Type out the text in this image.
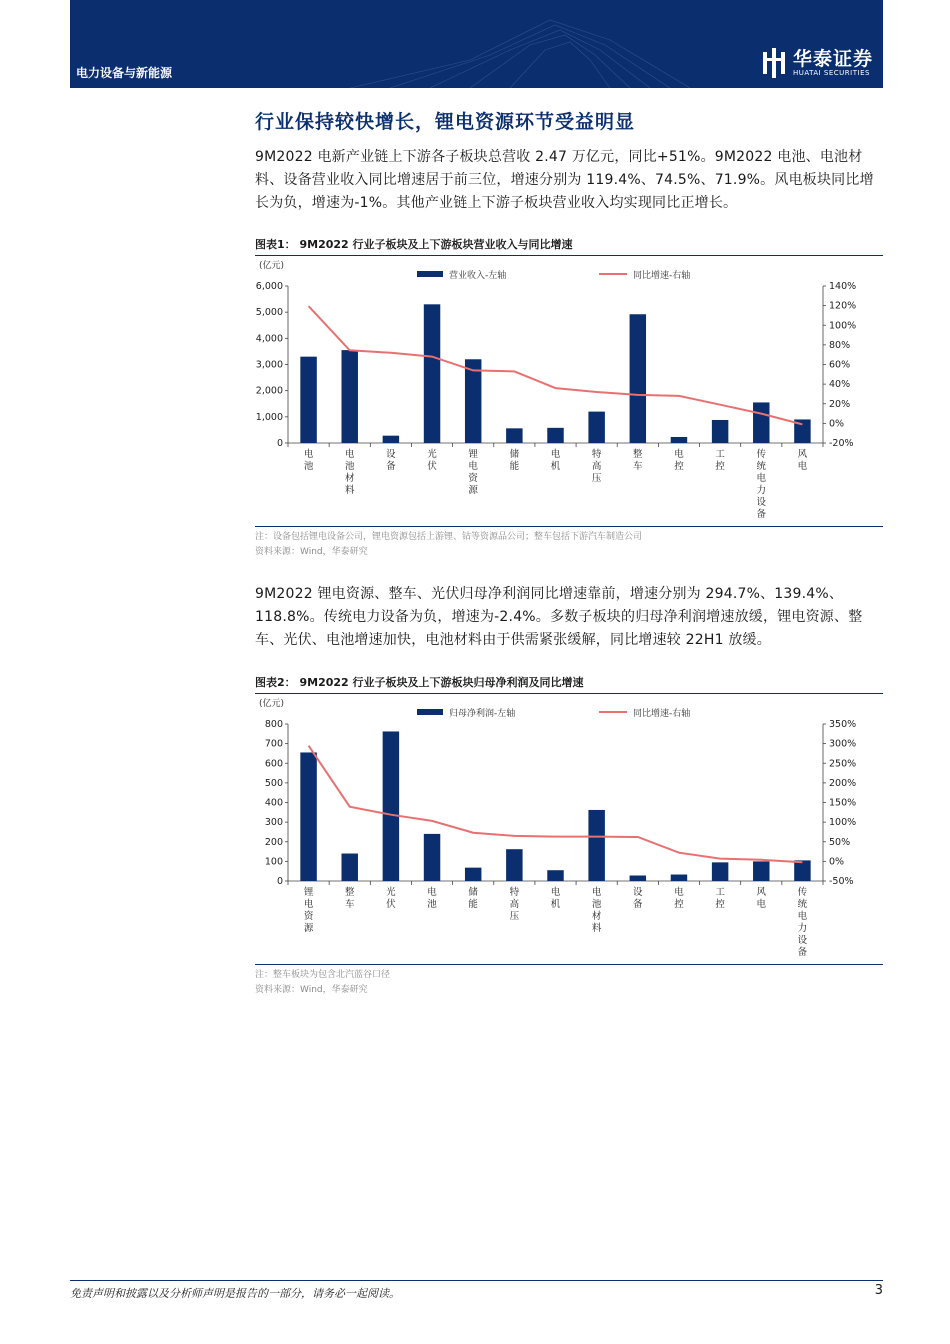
电力设备与新能源
华泰证券
HUATAI SECURITIES
行业保持较快增长，锂电资源环节受益明显
9M2022 电新产业链上下游各子板块总营收 2.47 万亿元，同比+51%。9M2022 电池、电池材料、设备营业收入同比增速居于前三位，增速分别为 119.4%、74.5%、71.9%。风电板块同比增长为负，增速为-1%。其他产业链上下游子板块营业收入均实现同比正增长。
图表1： 9M2022 行业子板块及上下游板块营业收入与同比增速
(亿元)
营业收入-左轴	同比增速-右轴
6,000
5,000
4,000
3,000
2,000
1,000
0
140%
120%
100%
80%
60%
40%
20%
0%
-20%
电池
电池材料
设备
光伏
锂电资源
储能
电机
特高压
整车
电控
工控
传统电力设备
风电
注：设备包括锂电设备公司，锂电资源包括上游锂、钴等资源品公司；整车包括下游汽车制造公司
资料来源：Wind，华泰研究
9M2022 锂电资源、整车、光伏归母净利润同比增速靠前，增速分别为 294.7%、139.4%、118.8%。传统电力设备为负，增速为-2.4%。多数子板块的归母净利润增速放缓，锂电资源、整车、光伏、电池增速加快，电池材料由于供需紧张缓解，同比增速较 22H1 放缓。
图表2： 9M2022 行业子板块及上下游板块归母净利润及同比增速
(亿元)
归母净利润-左轴	同比增速-右轴
800
700
600
500
400
300
200
100
0
350%
300%
250%
200%
150%
100%
50%
0%
-50%
锂电资源
整车
光伏
电池
储能
特高压
电机
电池材料
设备
电控
工控
风电
传统电力设备
注：整车板块为包含北汽蓝谷口径
资料来源：Wind，华泰研究
免责声明和披露以及分析师声明是报告的一部分，请务必一起阅读。	3
